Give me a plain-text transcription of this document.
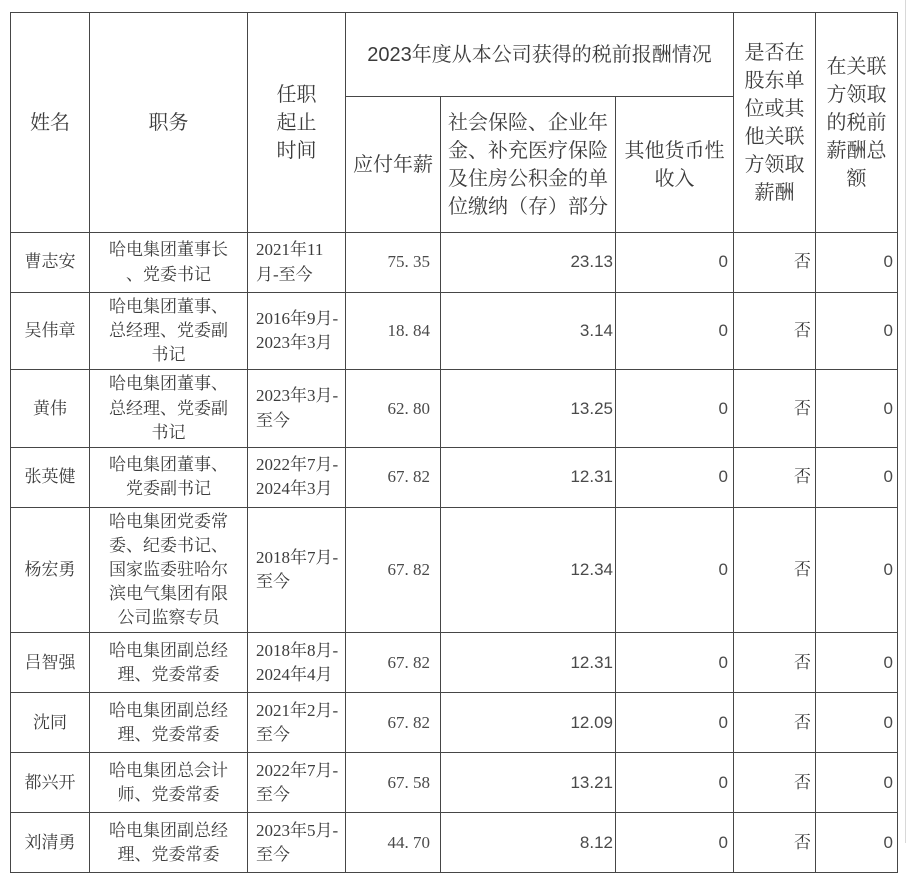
姓名	职务	任职起止时间	2023年度从本公司获得的税前报酬情况			是否在股东单位或其他关联方领取薪酬	在关联方领取的税前薪酬总额
			应付年薪	社会保险、企业年金、补充医疗保险及住房公积金的单位缴纳（存）部分	其他货币性收入		
曹志安	哈电集团董事长、党委书记	2021年11月-至今	75. 35	23.13	0	否	0
吴伟章	哈电集团董事、总经理、党委副书记	2016年9月-2023年3月	18. 84	3.14	0	否	0
黄伟	哈电集团董事、总经理、党委副书记	2023年3月-至今	62. 80	13.25	0	否	0
张英健	哈电集团董事、党委副书记	2022年7月-2024年3月	67. 82	12.31	0	否	0
杨宏勇	哈电集团党委常委、纪委书记、国家监委驻哈尔滨电气集团有限公司监察专员	2018年7月-至今	67. 82	12.34	0	否	0
吕智强	哈电集团副总经理、党委常委	2018年8月-2024年4月	67. 82	12.31	0	否	0
沈同	哈电集团副总经理、党委常委	2021年2月-至今	67. 82	12.09	0	否	0
都兴开	哈电集团总会计师、党委常委	2022年7月-至今	67. 58	13.21	0	否	0
刘清勇	哈电集团副总经理、党委常委	2023年5月-至今	44. 70	8.12	0	否	0
